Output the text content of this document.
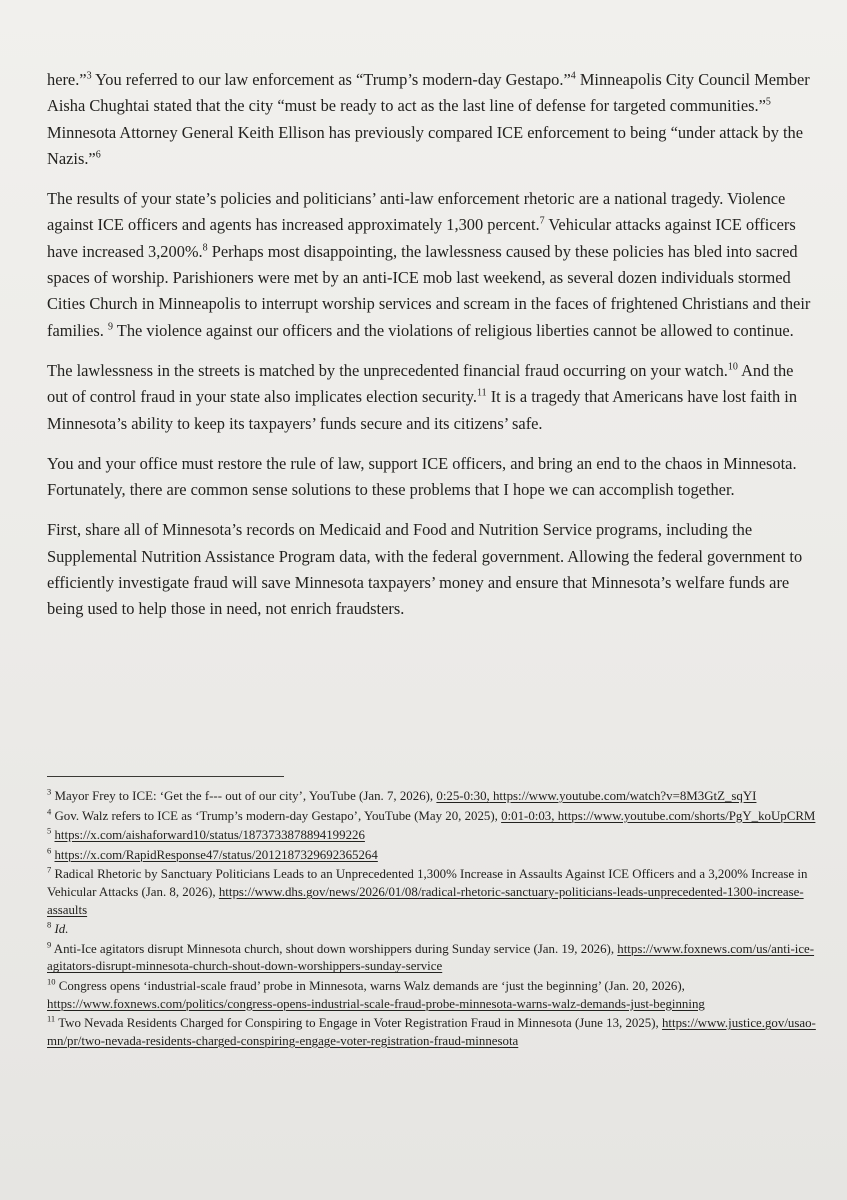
here.”$^3$ You referred to our law enforcement as “Trump’s modern-day Gestapo.”$^4$ Minneapolis City Council Member Aisha Chughtai stated that the city “must be ready to act as the last line of defense for targeted communities.”$^5$ Minnesota Attorney General Keith Ellison has previously compared ICE enforcement to being “under attack by the Nazis.”$^6$

The results of your state’s policies and politicians’ anti-law enforcement rhetoric are a national tragedy. Violence against ICE officers and agents has increased approximately 1,300 percent.$^7$ Vehicular attacks against ICE officers have increased 3,200%.$^8$ Perhaps most disappointing, the lawlessness caused by these policies has bled into sacred spaces of worship. Parishioners were met by an anti-ICE mob last weekend, as several dozen individuals stormed Cities Church in Minneapolis to interrupt worship services and scream in the faces of frightened Christians and their families. $^9$ The violence against our officers and the violations of religious liberties cannot be allowed to continue.

The lawlessness in the streets is matched by the unprecedented financial fraud occurring on your watch.$^{10}$ And the out of control fraud in your state also implicates election security.$^{11}$ It is a tragedy that Americans have lost faith in Minnesota’s ability to keep its taxpayers’ funds secure and its citizens’ safe.

You and your office must restore the rule of law, support ICE officers, and bring an end to the chaos in Minnesota. Fortunately, there are common sense solutions to these problems that I hope we can accomplish together.

First, share all of Minnesota’s records on Medicaid and Food and Nutrition Service programs, including the Supplemental Nutrition Assistance Program data, with the federal government. Allowing the federal government to efficiently investigate fraud will save Minnesota taxpayers’ money and ensure that Minnesota’s welfare funds are being used to help those in need, not enrich fraudsters.

$^3$ Mayor Frey to ICE: ‘Get the f--- out of our city’, YouTube (Jan. 7, 2026), 0:25-0:30, https://www.youtube.com/watch?v=8M3GtZ_sqYI
$^4$ Gov. Walz refers to ICE as ‘Trump’s modern-day Gestapo’, YouTube (May 20, 2025), 0:01-0:03, https://www.youtube.com/shorts/PgY_koUpCRM
$^5$ https://x.com/aishaforward10/status/1873733878894199226
$^6$ https://x.com/RapidResponse47/status/2012187329692365264
$^7$ Radical Rhetoric by Sanctuary Politicians Leads to an Unprecedented 1,300% Increase in Assaults Against ICE Officers and a 3,200% Increase in Vehicular Attacks (Jan. 8, 2026), https://www.dhs.gov/news/2026/01/08/radical-rhetoric-sanctuary-politicians-leads-unprecedented-1300-increase-assaults
$^8$ Id.
$^9$ Anti-Ice agitators disrupt Minnesota church, shout down worshippers during Sunday service (Jan. 19, 2026), https://www.foxnews.com/us/anti-ice-agitators-disrupt-minnesota-church-shout-down-worshippers-sunday-service
$^{10}$ Congress opens ‘industrial-scale fraud’ probe in Minnesota, warns Walz demands are ‘just the beginning’ (Jan. 20, 2026), https://www.foxnews.com/politics/congress-opens-industrial-scale-fraud-probe-minnesota-warns-walz-demands-just-beginning
$^{11}$ Two Nevada Residents Charged for Conspiring to Engage in Voter Registration Fraud in Minnesota (June 13, 2025), https://www.justice.gov/usao-mn/pr/two-nevada-residents-charged-conspiring-engage-voter-registration-fraud-minnesota
